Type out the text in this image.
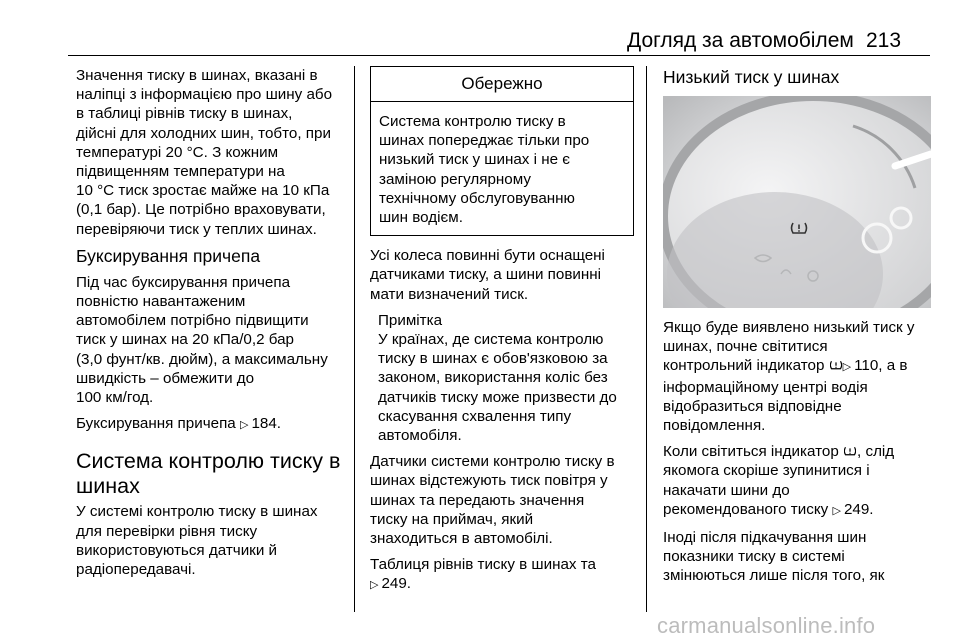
Догляд за автомобілем 213

Значення тиску в шинах, вказані в
наліпці з інформацією про шину або
в таблиці рівнів тиску в шинах,
дійсні для холодних шин, тобто, при
температурі 20 °C. З кожним
підвищенням температури на
10 °C тиск зростає майже на 10 кПа
(0,1 бар). Це потрібно враховувати,
перевіряючи тиск у теплих шинах.

Буксирування причепа

Під час буксирування причепа
повністю навантаженим
автомобілем потрібно підвищити
тиск у шинах на 20 кПа/0,2 бар
(3,0 фунт/кв. дюйм), а максимальну
швидкість – обмежити до
100 км/год.

Буксирування причепа ▷ 184.

Система контролю тиску в
шинах

У системі контролю тиску в шинах
для перевірки рівня тиску
використовуються датчики й
радіопередавачі.

Обережно
Система контролю тиску в
шинах попереджає тільки про
низький тиск у шинах і не є
заміною регулярному
технічному обслуговуванню
шин водієм.

Усі колеса повинні бути оснащені
датчиками тиску, а шини повинні
мати визначений тиск.

Примітка
У країнах, де система контролю
тиску в шинах є обов'язковою за
законом, використання коліс без
датчиків тиску може призвести до
скасування схвалення типу
автомобіля.

Датчики системи контролю тиску в
шинах відстежують тиск повітря у
шинах та передають значення
тиску на приймач, який
знаходиться в автомобілі.

Таблиця рівнів тиску в шинах та
▷ 249.

Низький тиск у шинах

Якщо буде виявлено низький тиск у
шинах, почне світитися
контрольний індикатор ▷ 110, а в
інформаційному центрі водія
відобразиться відповідне
повідомлення.

Коли світиться індикатор , слід
якомога скоріше зупинитися і
накачати шини до
рекомендованого тиску ▷ 249.

Іноді після підкачування шин
показники тиску в системі
змінюються лише після того, як

carmanualsonline.info
